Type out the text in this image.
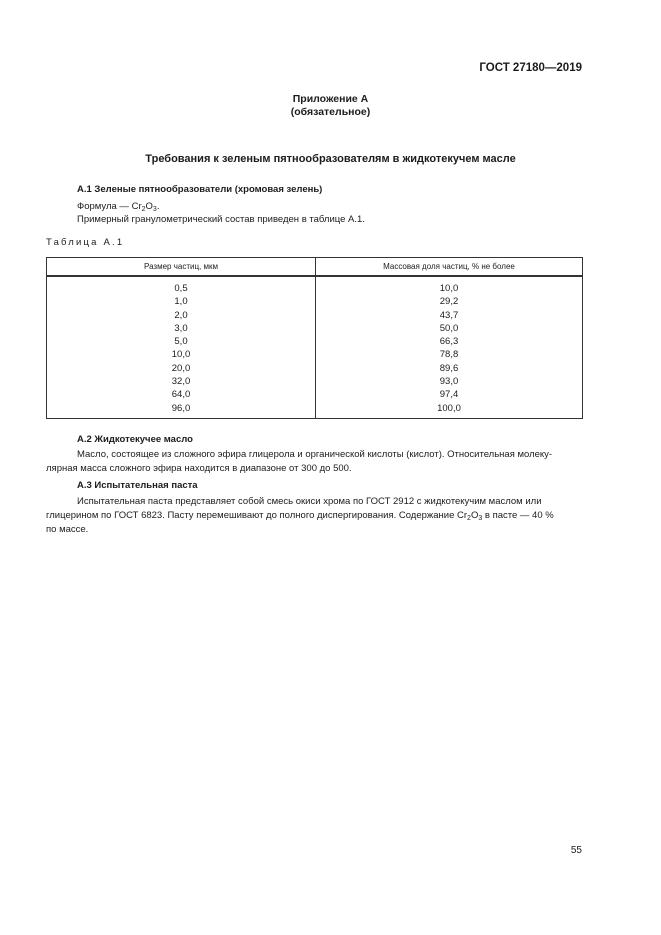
ГОСТ 27180—2019
Приложение А
(обязательное)
Требования к зеленым пятнообразователям в жидкотекучем масле
А.1 Зеленые пятнообразователи (хромовая зелень)
Формула — $Cr_2O_3$.
Примерный гранулометрический состав приведен в таблице А.1.
Таблица А.1
Размер частиц, мкм	Массовая доля частиц, % не более
0,5	10,0
1,0	29,2
2,0	43,7
3,0	50,0
5,0	66,3
10,0	78,8
20,0	89,6
32,0	93,0
64,0	97,4
96,0	100,0
А.2 Жидкотекучее масло
Масло, состоящее из сложного эфира глицерола и органической кислоты (кислот). Относительная молеку-
лярная масса сложного эфира находится в диапазоне от 300 до 500.
А.3 Испытательная паста
Испытательная паста представляет собой смесь окиси хрома по ГОСТ 2912 с жидкотекучим маслом или
глицерином по ГОСТ 6823. Пасту перемешивают до полного диспергирования. Содержание $Cr_2O_3$ в пасте — 40 %
по массе.
55
